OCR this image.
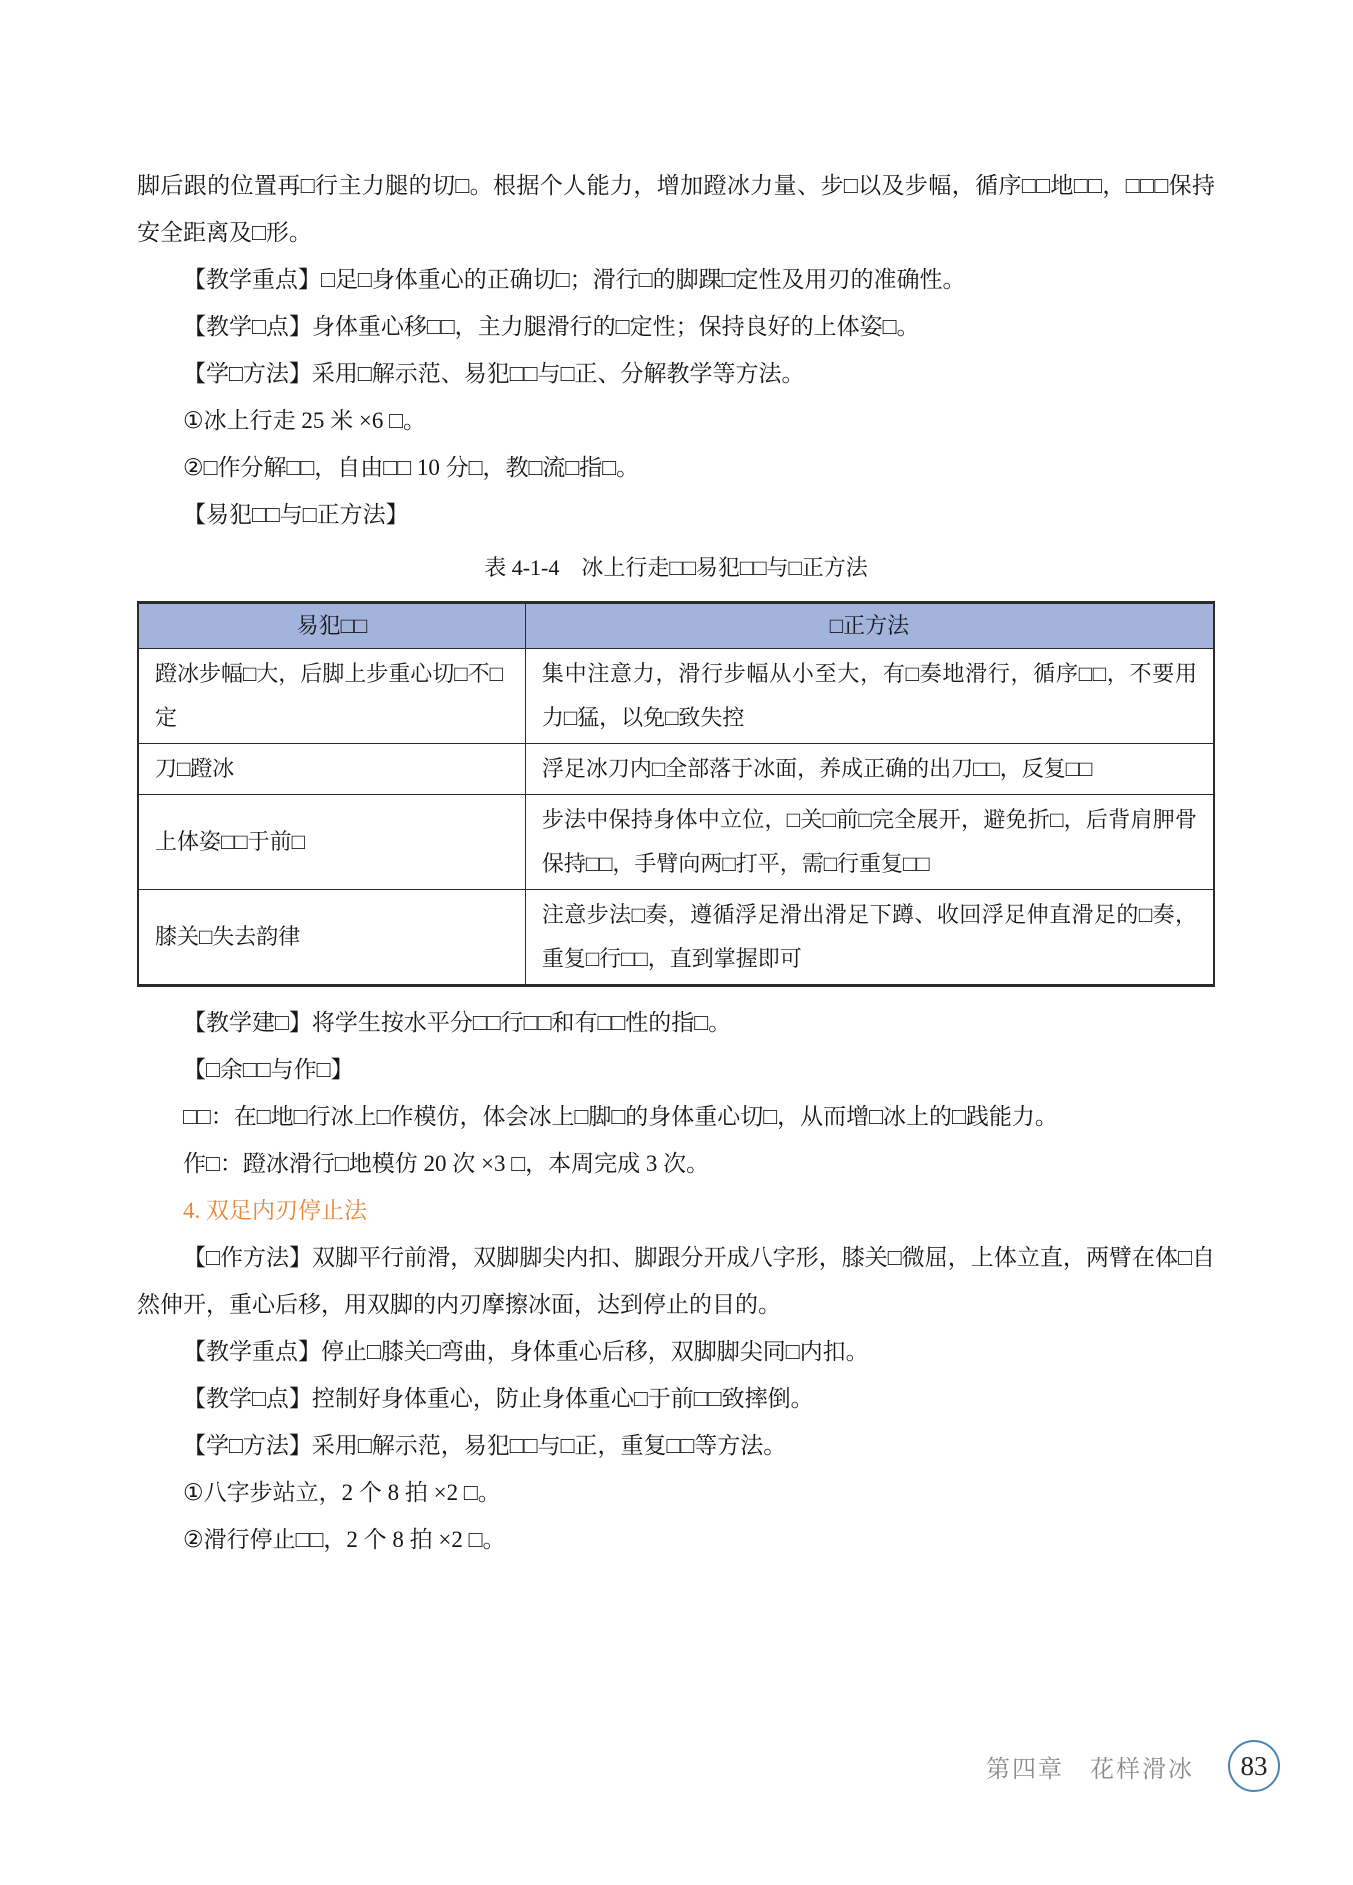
脚后跟的位置再□行主力腿的切□。根据个人能力，增加蹬冰力量、步□以及步幅，循序□□地□□，□□□保持安全距离及□形。

【教学重点】□足□身体重心的正确切□；滑行□的脚踝□定性及用刃的准确性。

【教学□点】身体重心移□□，主力腿滑行的□定性；保持良好的上体姿□。

【学□方法】采用□解示范、易犯□□与□正、分解教学等方法。

①冰上行走 25 米 ×6 □。

②□作分解□□，自由□□ 10 分□，教□流□指□。

【易犯□□与□正方法】

表 4-1-4　冰上行走□□易犯□□与□正方法

易犯□□	□正方法
蹬冰步幅□大，后脚上步重心切□不□定	集中注意力，滑行步幅从小至大，有□奏地滑行，循序□□，不要用力□猛，以免□致失控
刀□蹬冰	浮足冰刀内□全部落于冰面，养成正确的出刀□□，反复□□
上体姿□□于前□	步法中保持身体中立位，□关□前□完全展开，避免折□，后背肩胛骨保持□□，手臂向两□打平，需□行重复□□
膝关□失去韵律	注意步法□奏，遵循浮足滑出滑足下蹲、收回浮足伸直滑足的□奏，重复□行□□，直到掌握即可

【教学建□】将学生按水平分□□行□□和有□□性的指□。

【□余□□与作□】

□□：在□地□行冰上□作模仿，体会冰上□脚□的身体重心切□，从而增□冰上的□践能力。

作□：蹬冰滑行□地模仿 20 次 ×3 □，本周完成 3 次。

4. 双足内刃停止法

【□作方法】双脚平行前滑，双脚脚尖内扣、脚跟分开成八字形，膝关□微屈，上体立直，两臂在体□自然伸开，重心后移，用双脚的内刃摩擦冰面，达到停止的目的。

【教学重点】停止□膝关□弯曲，身体重心后移，双脚脚尖同□内扣。

【教学□点】控制好身体重心，防止身体重心□于前□□致摔倒。

【学□方法】采用□解示范，易犯□□与□正，重复□□等方法。

①八字步站立，2 个 8 拍 ×2 □。

②滑行停止□□，2 个 8 拍 ×2 □。

第四章　花样滑冰	83
